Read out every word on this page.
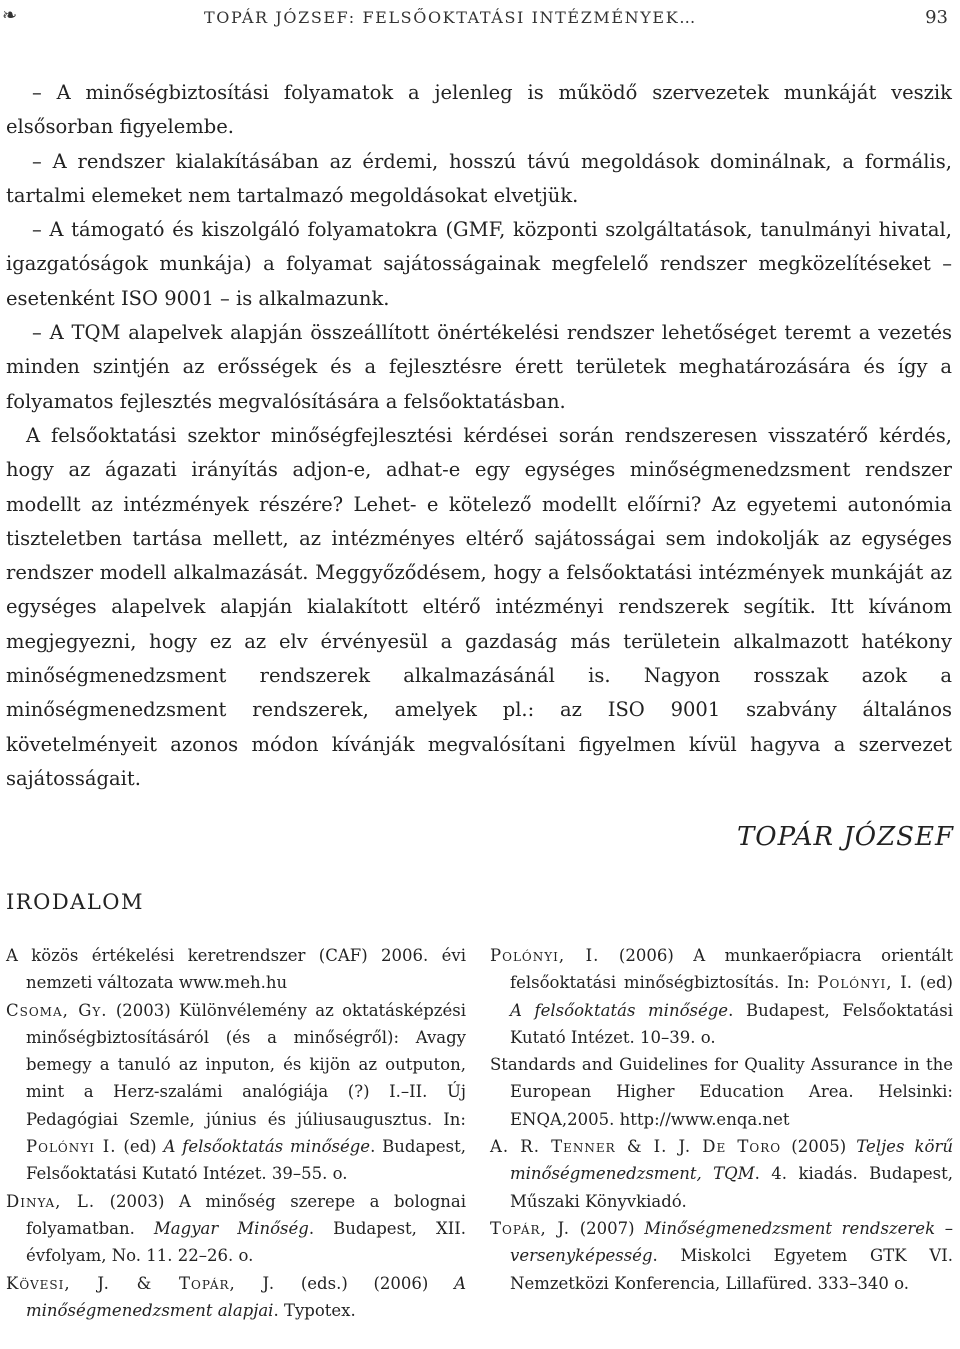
❧	TOPÁR JÓZSEF: FELSŐOKTATÁSI INTÉZMÉNYEK…	93

– A minőségbiztosítási folyamatok a jelenleg is működő szervezetek munkáját veszik elsősorban figyelembe.

– A rendszer kialakításában az érdemi, hosszú távú megoldások dominálnak, a formális, tartalmi elemeket nem tartalmazó megoldásokat elvetjük.

– A támogató és kiszolgáló folyamatokra (GMF, központi szolgáltatások, tanulmányi hivatal, igazgatóságok munkája) a folyamat sajátosságainak megfelelő rendszer megközelítéseket – esetenként ISO 9001 – is alkalmazunk.

– A TQM alapelvek alapján összeállított önértékelési rendszer lehetőséget teremt a vezetés minden szintjén az erősségek és a fejlesztésre érett területek meghatározására és így a folyamatos fejlesztés megvalósítására a felsőoktatásban.

A felsőoktatási szektor minőségfejlesztési kérdései során rendszeresen visszatérő kérdés, hogy az ágazati irányítás adjon-e, adhat-e egy egységes minőségmenedzsment rendszer modellt az intézmények részére? Lehet- e kötelező modellt előírni? Az egyetemi autonómia tiszteletben tartása mellett, az intézményes eltérő sajátosságai sem indokolják az egységes rendszer modell alkalmazását. Meggyőződésem, hogy a felsőoktatási intézmények munkáját az egységes alapelvek alapján kialakított eltérő intézményi rendszerek segítik. Itt kívánom megjegyezni, hogy ez az elv érvényesül a gazdaság más területein alkalmazott hatékony minőségmenedzsment rendszerek alkalmazásánál is. Nagyon rosszak azok a minőségmenedzsment rendszerek, amelyek pl.: az ISO 9001 szabvány általános követelményeit azonos módon kívánják megvalósítani figyelmen kívül hagyva a szervezet sajátosságait.

TOPÁR JÓZSEF
IRODALOM

A közös értékelési keretrendszer (CAF) 2006. évi nemzeti változata www.meh.hu

Csoma, Gy. (2003) Különvélemény az oktatásképzési minőségbiztosításáról (és a minőségről): Avagy bemegy a tanuló az inputon, és kijön az outputon, mint a Herz-szalámi analógiája (?) I.–II. Új Pedagógiai Szemle, június és júliusaugusztus. In: Polónyi I. (ed) A felsőoktatás minősége. Budapest, Felsőoktatási Kutató Intézet. 39–55. o.

Dinya, L. (2003) A minőség szerepe a bolognai folyamatban. Magyar Minőség. Budapest, XII. évfolyam, No. 11. 22–26. o.

Kövesi, J. & Topár, J. (eds.) (2006) A minőségmenedzsment alapjai. Typotex.

Polónyi, I. (2006) A munkaerőpiacra orientált felsőoktatási minőségbiztosítás. In: Polónyi, I. (ed) A felsőoktatás minősége. Budapest, Felsőoktatási Kutató Intézet. 10–39. o.

Standards and Guidelines for Quality Assurance in the European Higher Education Area. Helsinki: ENQA,2005. http://www.enqa.net

A. R. Tenner & I. J. De Toro (2005) Teljes körű minőségmenedzsment, TQM. 4. kiadás. Budapest, Műszaki Könyvkiadó.

Topár, J. (2007) Minőségmenedzsment rendszerek – versenyképesség. Miskolci Egyetem GTK VI. Nemzetközi Konferencia, Lillafüred. 333–340 o.
